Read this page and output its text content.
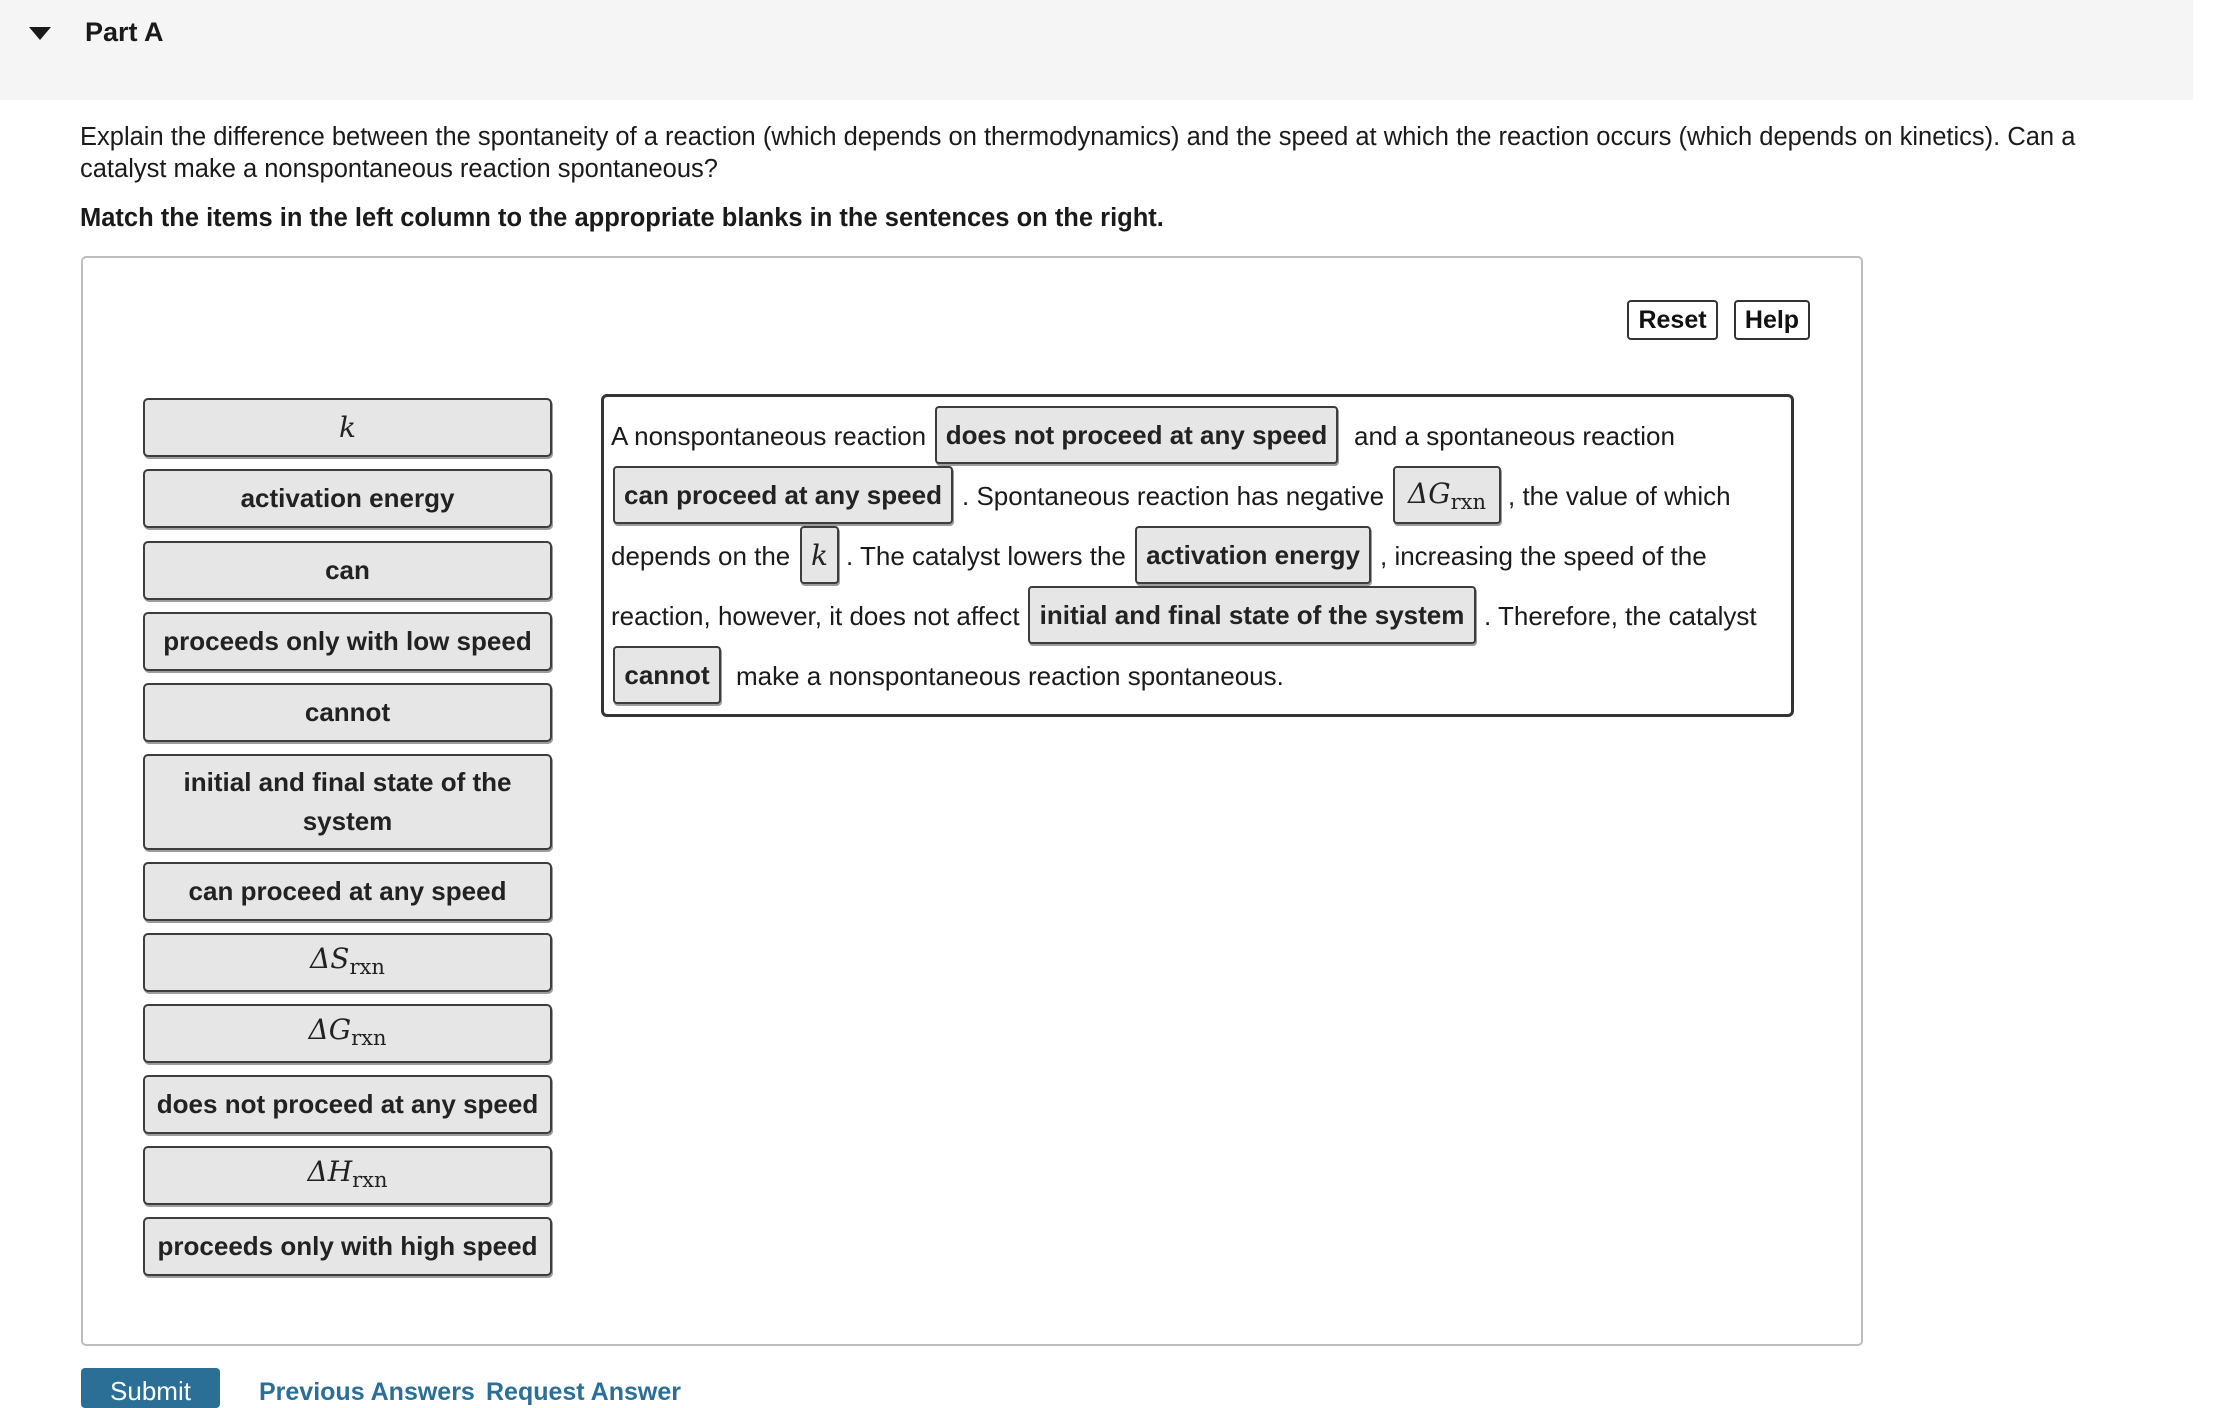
Part A
Explain the difference between the spontaneity of a reaction (which depends on thermodynamics) and the speed at which the reaction occurs (which depends on kinetics). Can a catalyst make a nonspontaneous reaction spontaneous?
Match the items in the left column to the appropriate blanks in the sentences on the right.
Reset	Help
k
activation energy
can
proceeds only with low speed
cannot
initial and final state of the system
can proceed at any speed
$\Delta S_{rxn}$
$\Delta G_{rxn}$
does not proceed at any speed
$\Delta H_{rxn}$
proceeds only with high speed
A nonspontaneous reaction does not proceed at any speed	and a spontaneous reaction
can proceed at any speed . Spontaneous reaction has negative $\Delta G_{rxn}$ , the value of which
depends on the k . The catalyst lowers the activation energy , increasing the speed of the
reaction, however, it does not affect initial and final state of the system . Therefore, the catalyst
cannot	make a nonspontaneous reaction spontaneous.
Submit	Previous Answers Request Answer
